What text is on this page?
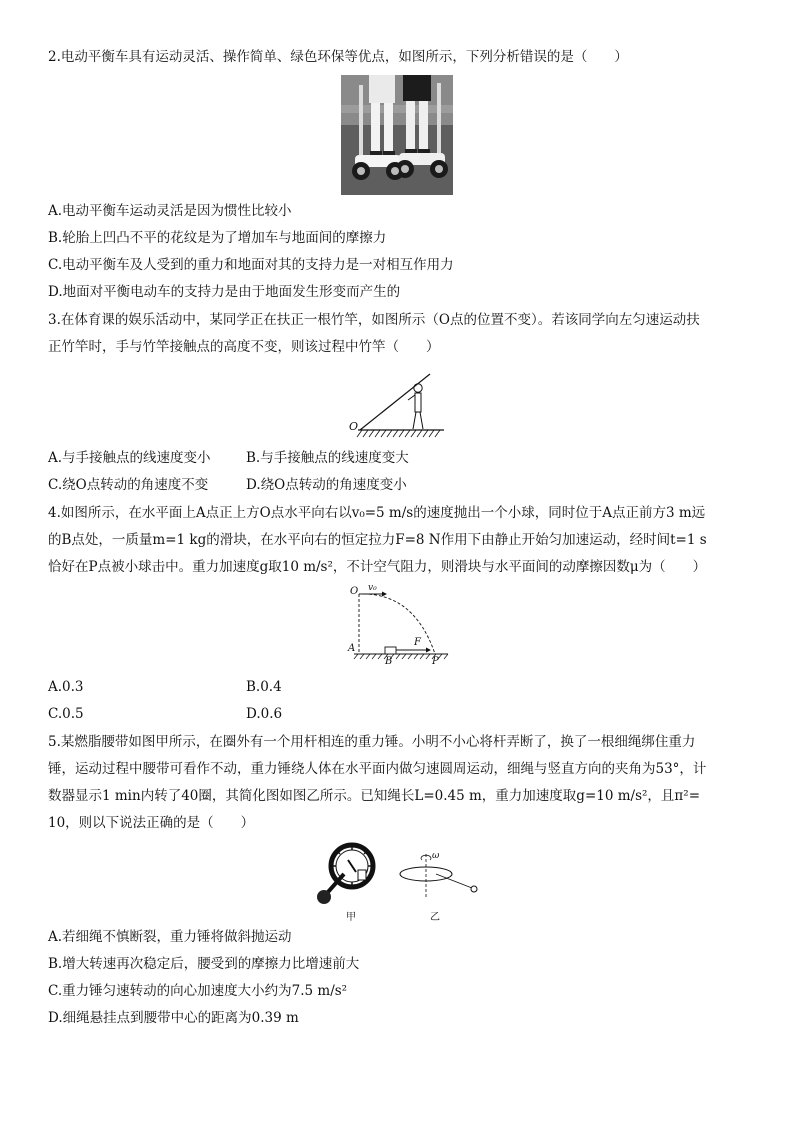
2.电动平衡车具有运动灵活、操作简单、绿色环保等优点，如图所示，下列分析错误的是（　　）
A.电动平衡车运动灵活是因为惯性比较小
B.轮胎上凹凸不平的花纹是为了增加车与地面间的摩擦力
C.电动平衡车及人受到的重力和地面对其的支持力是一对相互作用力
D.地面对平衡电动车的支持力是由于地面发生形变而产生的
3.在体育课的娱乐活动中，某同学正在扶正一根竹竿，如图所示（O点的位置不变）。若该同学向左匀速运动扶
正竹竿时，手与竹竿接触点的高度不变，则该过程中竹竿（　　）
O
A.与手接触点的线速度变小	B.与手接触点的线速度变大
C.绕O点转动的角速度不变	D.绕O点转动的角速度变小
4.如图所示，在水平面上A点正上方O点水平向右以v₀=5 m/s的速度抛出一个小球，同时位于A点正前方3 m远
的B点处，一质量m=1 kg的滑块，在水平向右的恒定拉力F=8 N作用下由静止开始匀加速运动，经时间t=1 s
恰好在P点被小球击中。重力加速度g取10 m/s²，不计空气阻力，则滑块与水平面间的动摩擦因数μ为（　　）
O v₀
A
B
F
P
A.0.3	B.0.4
C.0.5	D.0.6
5.某燃脂腰带如图甲所示，在圈外有一个用杆相连的重力锤。小明不小心将杆弄断了，换了一根细绳绑住重力
锤，运动过程中腰带可看作不动，重力锤绕人体在水平面内做匀速圆周运动，细绳与竖直方向的夹角为53°，计
数器显示1 min内转了40圈，其简化图如图乙所示。已知绳长L=0.45 m，重力加速度取g=10 m/s²，且π²=
10，则以下说法正确的是（　　）
甲
ω
乙
A.若细绳不慎断裂，重力锤将做斜抛运动
B.增大转速再次稳定后，腰受到的摩擦力比增速前大
C.重力锤匀速转动的向心加速度大小约为7.5 m/s²
D.细绳悬挂点到腰带中心的距离为0.39 m
